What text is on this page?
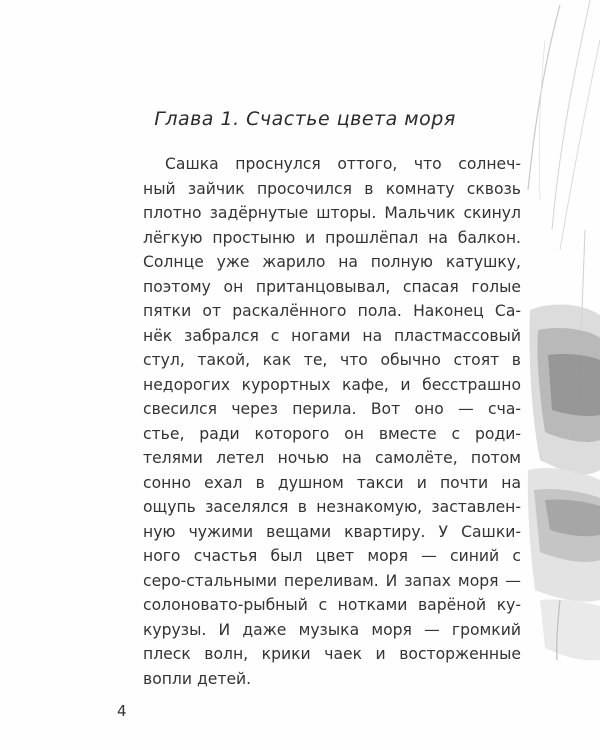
Глава 1. Счастье цвета моря
Сашка проснулся оттого, что солнеч-
ный зайчик просочился в комнату сквозь
плотно задёрнутые шторы. Мальчик скинул
лёгкую простыню и прошлёпал на балкон.
Солнце уже жарило на полную катушку,
поэтому он пританцовывал, спасая голые
пятки от раскалённого пола. Наконец Са-
нёк забрался с ногами на пластмассовый
стул, такой, как те, что обычно стоят в
недорогих курортных кафе, и бесстрашно
свесился через перила. Вот оно — сча-
стье, ради которого он вместе с роди-
телями летел ночью на самолёте, потом
сонно ехал в душном такси и почти на
ощупь заселялся в незнакомую, заставлен-
ную чужими вещами квартиру. У Сашки-
ного счастья был цвет моря — синий с
серо-стальными переливам. И запах моря —
солоновато-рыбный с нотками варёной ку-
курузы. И даже музыка моря — громкий
плеск волн, крики чаек и восторженные
вопли детей.
4
